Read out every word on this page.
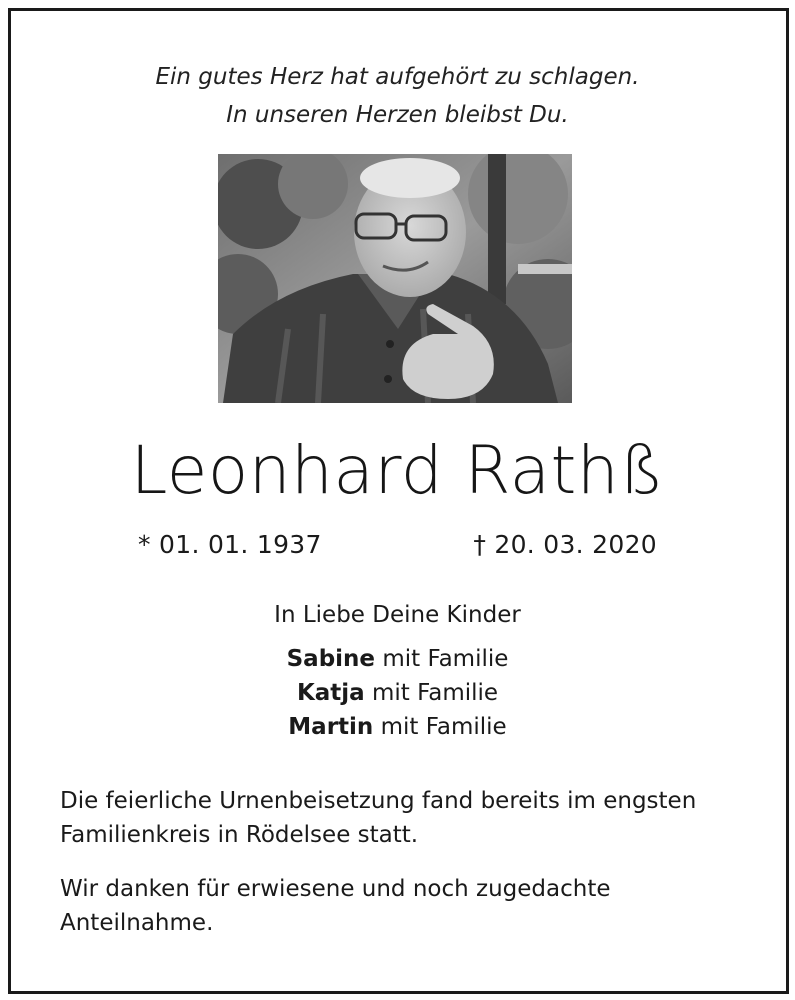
Ein gutes Herz hat aufgehört zu schlagen.
In unseren Herzen bleibst Du.
Leonhard Rathß
* 01. 01. 1937	† 20. 03. 2020
In Liebe Deine Kinder
Sabine mit Familie
Katja mit Familie
Martin mit Familie
Die feierliche Urnenbeisetzung fand bereits im engsten Familienkreis in Rödelsee statt.
Wir danken für erwiesene und noch zugedachte Anteilnahme.
